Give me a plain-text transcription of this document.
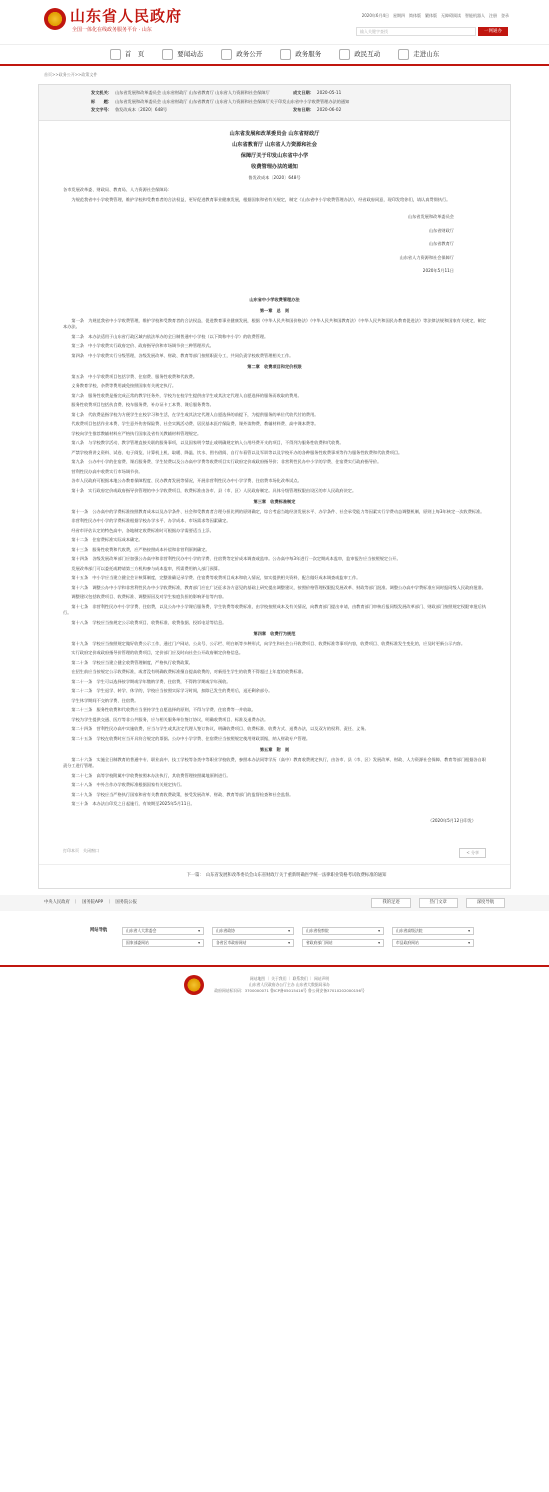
山东省人民政府
全国一体化在线政务服务平台 · 山东
2020年6月4日 星期四 简体版 繁体版 无障碍阅读 智能机器人 注册 登录
输入关键字查找	一网通办
首　页	要闻动态	政务公开	政务服务	政民互动	走进山东
首页>>政务公开>>政策文件
发文机关： 山东省发展和改革委员会 山东省财政厅 山东省教育厅 山东省人力资源和社会保障厅	成文日期： 2020-05-11
标　　题： 山东省发展和改革委员会 山东省财政厅 山东省教育厅 山东省人力资源和社会保障厅关于印发山东省中小学收费管理办法的通知
发文字号： 鲁发改成本〔2020〕648号	发布日期： 2020-06-02
山东省发展和改革委员会 山东省财政厅
山东省教育厅 山东省人力资源和社会
保障厅关于印发山东省中小学
收费管理办法的通知
鲁发改成本〔2020〕648号
各市发展改革委、财政局、教育局、人力资源社会保障局：
为规范我省中小学收费管理，维护学校和受教育者的合法权益，更好促进教育事业健康发展，根据国家和省有关规定，制定《山东省中小学收费管理办法》，经省政府同意，现印发给你们，请认真贯彻执行。
山东省发展和改革委员会
山东省财政厅
山东省教育厅
山东省人力资源和社会保障厅
2020年5月11日
山东省中小学收费管理办法
第一章　总　则
第一条　为规范我省中小学收费管理，维护学校和受教育者的合法权益，促进教育事业健康发展，根据《中华人民共和国价格法》《中华人民共和国教育法》《中华人民共和国民办教育促进法》等法律法规和国家有关规定，制定本办法。
第二条　本办法适用于山东省行政区域内依法举办的全日制普通中小学校（以下简称中小学）的收费管理。
第三条　中小学收费实行政府定价、政府指导价和市场调节价三种管理形式。
第四条　中小学收费实行分级管理，各级发展改革、财政、教育等部门按照职责分工，共同负责学校收费管理相关工作。
第二章　收费项目和定价权限
第五条　中小学收费项目包括学费、住宿费、服务性收费和代收费。
义务教育学校，杂费等费用减免按照国家有关规定执行。
第六条　服务性收费是指完成正常的教学任务外，学校为在校学生提供由学生或其法定代理人自愿选择的服务而收取的费用。
服务性收费项目包括伙食费、校车服务费、补办证卡工本费、课后服务费等。
第七条　代收费是指学校为方便学生在校学习和生活，在学生或其法定代理人自愿选择的前提下，为提供服务的单位代收代付的费用。
代收费项目包括作业本费、学生意外伤害保险费、社会实践活动费、居民基本医疗保险费、课外读物费、教辅材料费、高中课本费等。
学校向学生推荐教辅材料应严格执行国家及省有关教辅材料管理规定。
第八条　与学校教学活动、教学管理直接关联的服务事项，以及国家明令禁止或明确规定纳入公用经费开支的项目，不得列为服务性收费和代收费。
严禁学校将讲义资料、试卷、电子阅览、计算机上机、取暖、降温、饮水、图书借阅、自行车看管以及军训等以及学校开办的各种服务性收费事项等作为服务性收费和代收费项目。
第九条　公办中小学的住宿费、课后服务费、学生装费以及公办高中学费等收费项目实行政府定价或政府指导价；非营利性民办中小学的学费、住宿费实行政府指导价。
营利性民办高中收费实行市场调节价。
各市人民政府可根据本地公办教育保障程度、民办教育发展等情况，开展非营利性民办中小学学费、住宿费市场化改革试点。
第十条　实行政府定价或政府指导价管理的中小学收费项目，收费标准由各市、县（市、区）人民政府制定。具体分级管理权限由设区的市人民政府决定。
第三章　收费标准制定
第十一条　公办高中的学费标准按照教育成本以及办学条件、社会和受教育者合理分担比例的原则确定，综合考虑当地经济发展水平、办学条件、社会承受能力等因素实行学费动态调整机制，原则上每3年核定一次收费标准。
非营利性民办中小学的学费标准根据学校办学水平、办学成本、市场需求等因素确定。
经省市评估认定的特色高中，各地制定收费标准时可根据办学需要适当上浮。
第十二条　住宿费标准实际成本确定。
第十三条　服务性收费和代收费，应严格按照成本补偿和非营利原则确定。
第十四条　各级发展改革部门应加强公办高中和非营利性民办中小学的学费、住宿费等定价成本调查或监审。公办高中每3年进行一次定期成本监审，监审报告应当按照规定公开。
发展改革部门可以委托或聘请第三方机构参与成本监审，所需费用纳入部门预算。
第十五条　中小学应当建立健全会计核算制度，完整准确记录学费、住宿费等收费项目成本和收入情况，如实提供相关资料，配合做好成本调查或监审工作。
第十六条　调整公办中小学和非营利性民办中小学收费标准，教育部门应在广泛征求各方意见的基础上研究提出调整建议，按照价格管理权限报发展改革、财政等部门批准。调整公办高中学费标准应同时报同级人民政府批准。
调整建议包括收费项目、收费标准、调整原因及对学生家庭负担的影响评估等内容。
第十七条　非营利性民办中小学学费、住宿费，以及公办中小学课后服务费，学生装费等收费标准，由学校按照成本及有关情况，向教育部门提出申请，由教育部门审核后报同级发展改革部门、财政部门按照规定权限审批后执行。
第十八条　学校应当按规定公示收费项目、收费标准、收费依据、投诉电话等信息。
第四章　收费行为规范
第十九条　学校应当按照规定做好收费公示工作，通过门户网站、公众号、公示栏、明白纸等多种形式，向学生和社会公开收费项目、收费标准等事项内容，收费项目、收费标准发生变化的，应及时更新公示内容。
实行政府定价或政府指导价管理的收费项目，定价部门应及时向社会公开政府制定价格信息。
第二十条　学校应当建立健全收费管理制度，严格执行收费政策。
在招生前应当按规定公示收费标准，或者没有明确收费标准擅自提高收费的，对新招生学生的收费不得超过上年度的收费标准。
第二十一条　学生可以选择按学期或学年缴纳学费、住宿费，不得跨学期或学年预收。
第二十二条　学生退学、转学、休学的，学校应当按照实际学习时间，扣除已发生的费用后，退还剩余部分。
学生休学期间不交纳学费、住宿费。
第二十三条　服务性收费和代收费应当坚持学生自愿选择的原则，不得与学费、住宿费等一并收取。
学校为学生提供交通、医疗等非公共服务，应与相关服务单位签订协议，明确收费项目、标准及退费办法。
第二十四条　营利性民办高中实施收费，应当与学生或其法定代理人签订协议，明确收费项目、收费标准、收费方式、退费办法，以及双方的权利、责任、义务。
第二十五条　学校在收费时应当开具符合规定的票据。公办中小学学费、住宿费应当按照规定使用财政票据，纳入财政专户管理。
第五章　附　则
第二十六条　实施全日制教育的普通中专、职业高中、技工学校等各类中等职业学校收费，参照本办法同等学历（高中）教育收费规定执行，由各市、县（市、区）发展改革、财政、人力资源社会保障、教育等部门根据各自职责分工进行管理。
第二十七条　高等学校附属中学收费按照本办法执行，其收费管理按照属地原则进行。
第二十八条　中外合作办学收费标准根据国家有关规定执行。
第二十九条　学校应当严格执行国家和省有关教育收费政策，接受发展改革、财政、教育等部门的监督检查和社会监督。
第三十条　本办法自印发之日起施行，有效期至2025年5月11日。
（2020年5月12日印发）
打印本页　 关闭窗口	< 分享
下一篇：　山东省发展和改革委员会山东省财政厅关于重新明确医学统一法律职业资格考试收费标准的通知
中央人民政府 ｜ 国务院APP ｜ 国务院公报	我的足迹	热门文章	深度导航
网站导航	山东省人大常委会	▾	山东省政协	▾	山东省检察院	▾	山东省高级法院	▾
国家部委网站	▾	各省区市政府网站	▾	省政府部门网站	▾	市县政府网站	▾
网站地图 ｜ 关于我们 ｜ 联系我们 ｜ 网站声明
山东省人民政府办公厅主办 山东省大数据局承办
政府网站标识码：3700000071 鲁ICP备05015416号 鲁公网安备37010202000156号
